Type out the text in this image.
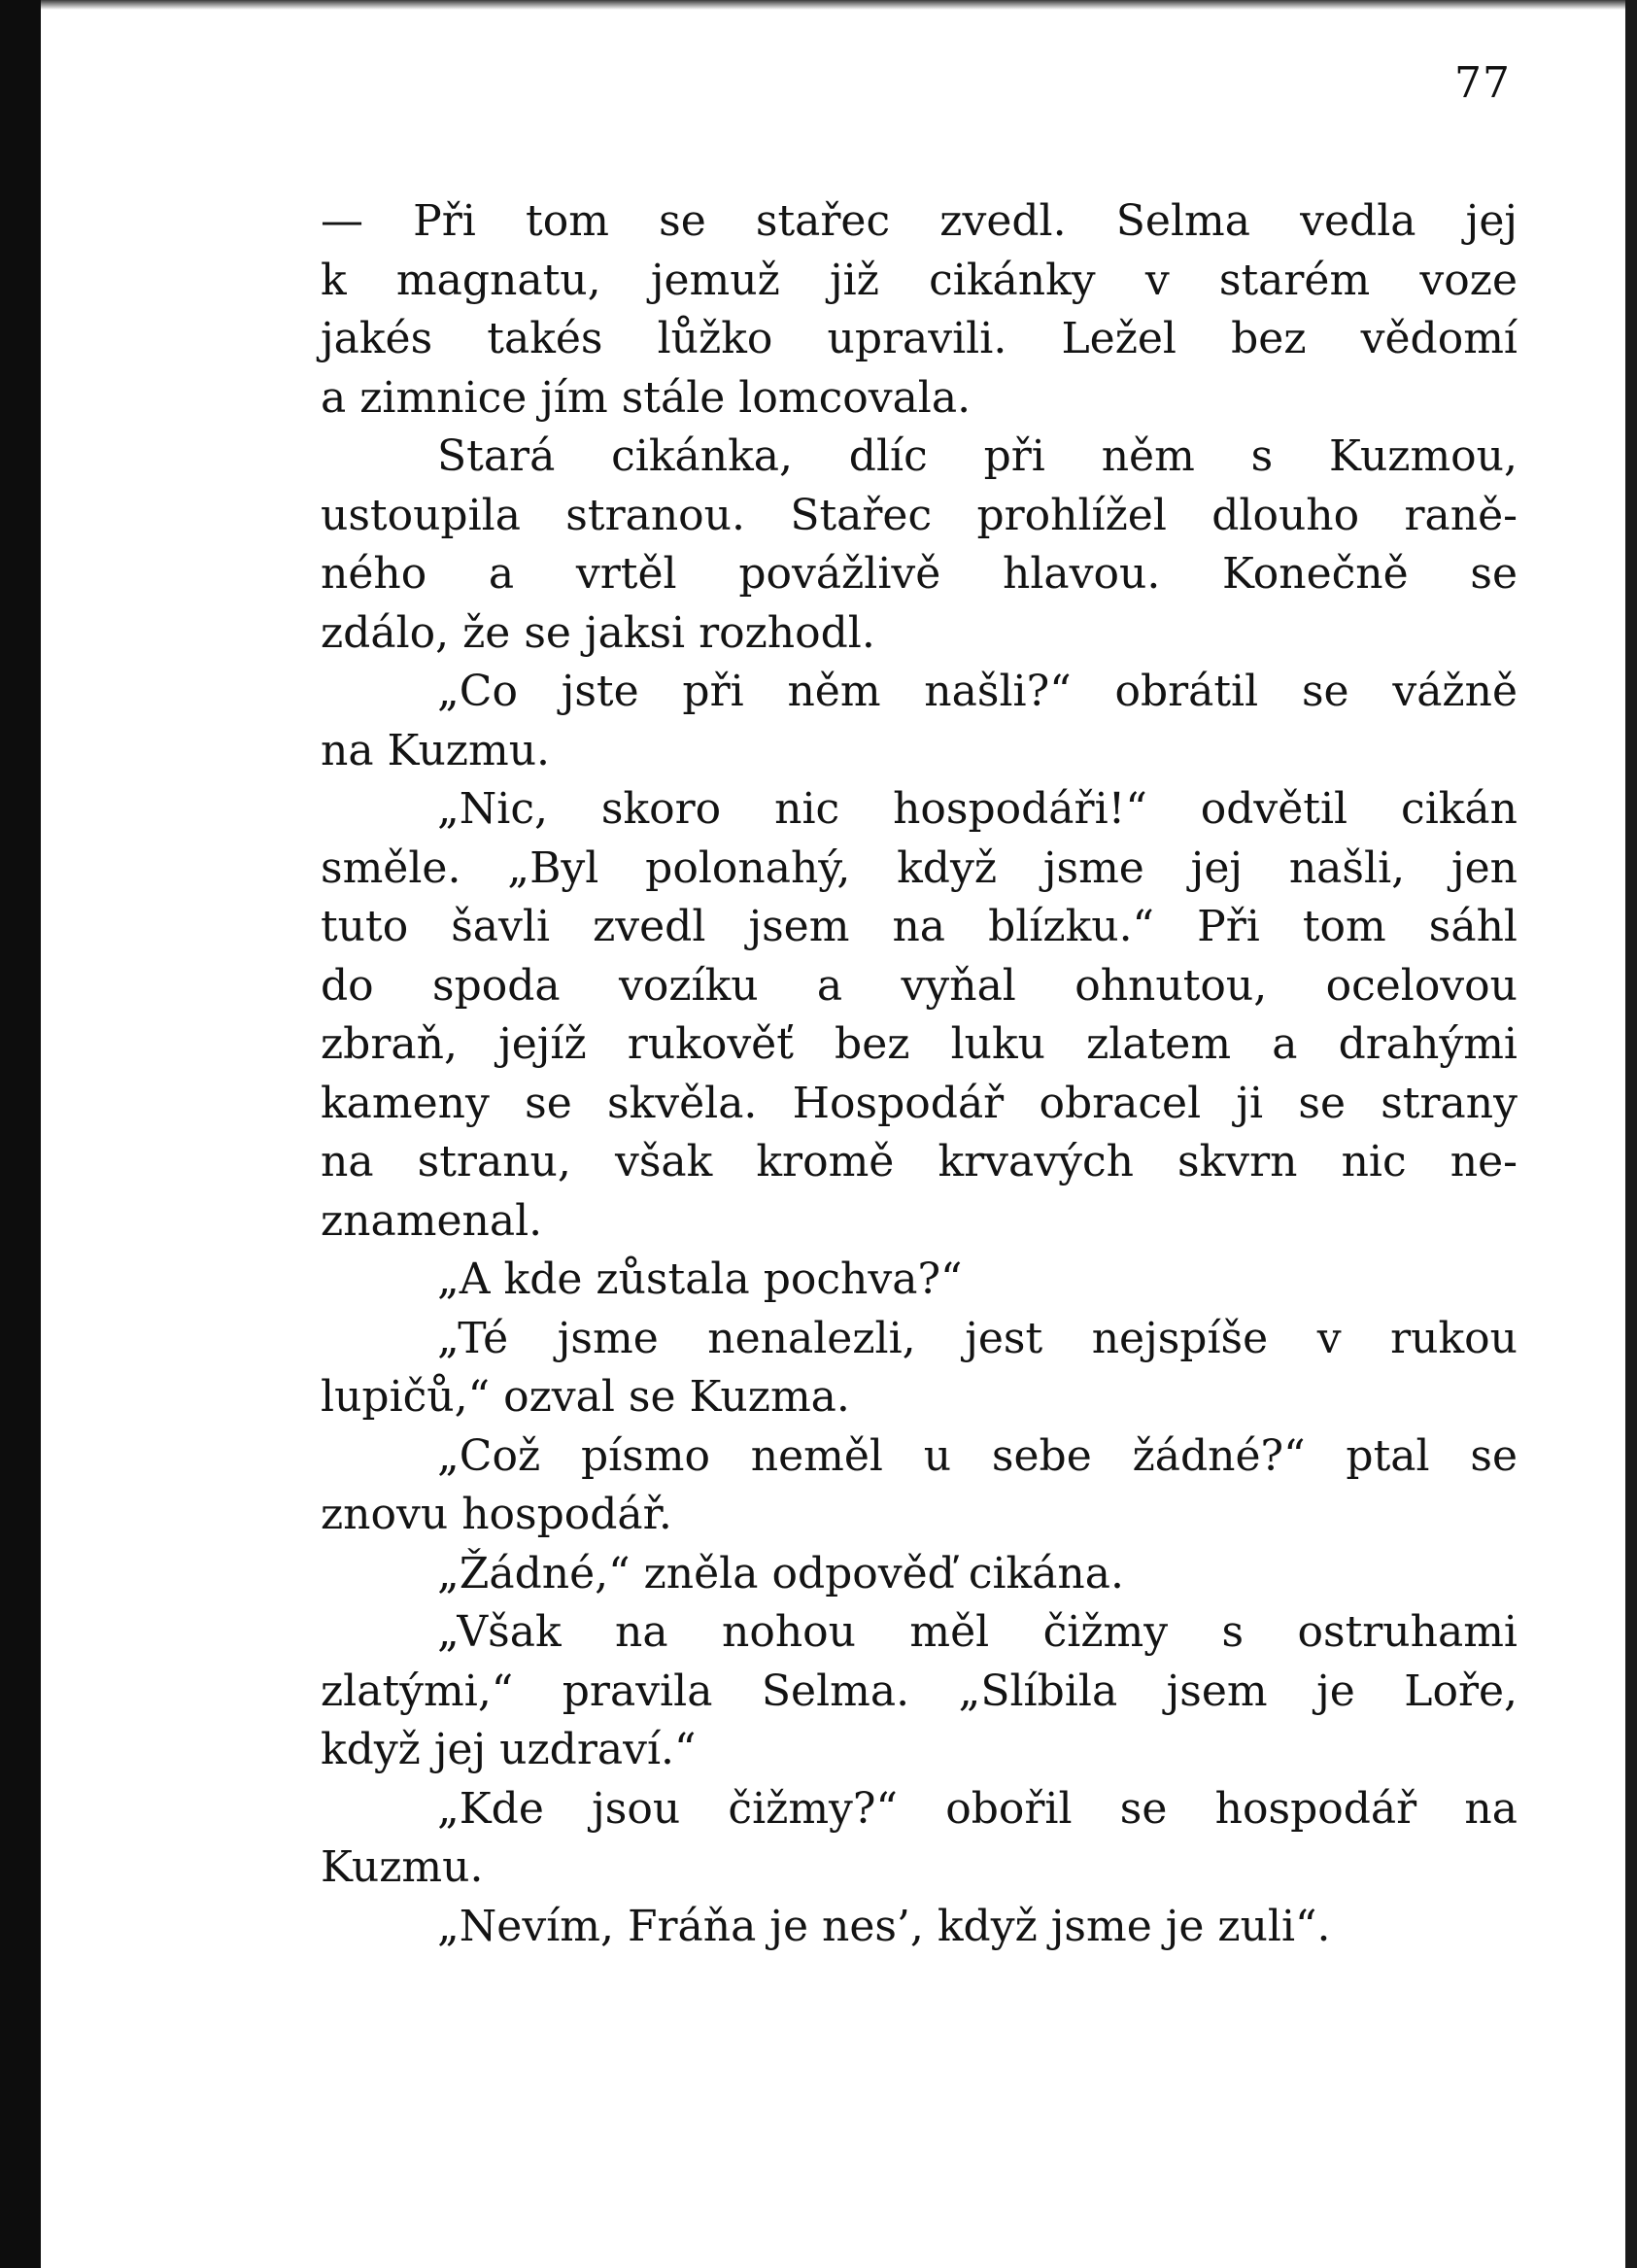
77
— Při tom se stařec zvedl. Selma vedla jej
k magnatu, jemuž již cikánky v starém voze
jakés takés lůžko upravili. Ležel bez vědomí
a zimnice jím stále lomcovala.
Stará cikánka, dlíc při něm s Kuzmou,
ustoupila stranou. Stařec prohlížel dlouho raně-
ného a vrtěl povážlivě hlavou. Konečně se
zdálo, že se jaksi rozhodl.
„Co jste při něm našli?“ obrátil se vážně
na Kuzmu.
„Nic, skoro nic hospodáři!“ odvětil cikán
směle. „Byl polonahý, když jsme jej našli, jen
tuto šavli zvedl jsem na blízku.“ Při tom sáhl
do spoda vozíku a vyňal ohnutou, ocelovou
zbraň, jejíž rukověť bez luku zlatem a drahými
kameny se skvěla. Hospodář obracel ji se strany
na stranu, však kromě krvavých skvrn nic ne-
znamenal.
„A kde zůstala pochva?“
„Té jsme nenalezli, jest nejspíše v rukou
lupičů,“ ozval se Kuzma.
„Což písmo neměl u sebe žádné?“ ptal se
znovu hospodář.
„Žádné,“ zněla odpověď cikána.
„Však na nohou měl čižmy s ostruhami
zlatými,“ pravila Selma. „Slíbila jsem je Loře,
když jej uzdraví.“
„Kde jsou čižmy?“ obořil se hospodář na
Kuzmu.
„Nevím, Fráňa je nes’, když jsme je zuli“.
